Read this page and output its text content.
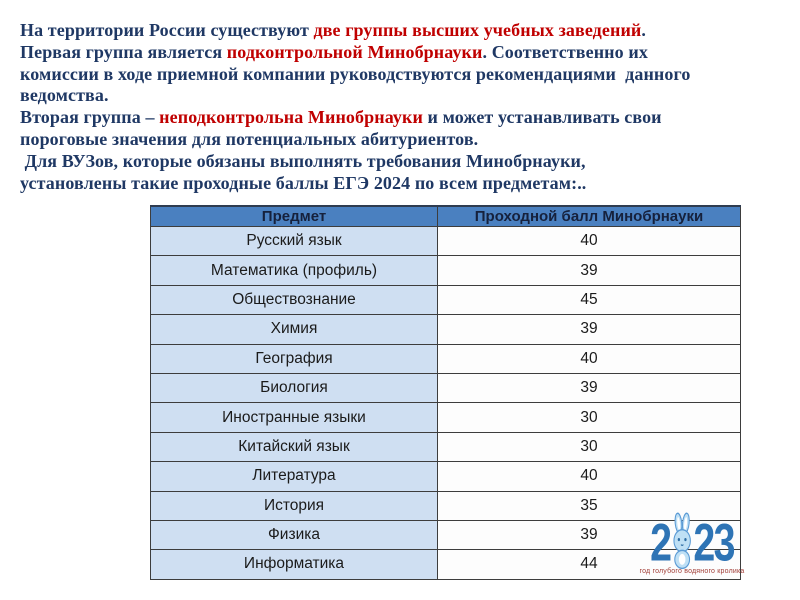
На территории России существуют две группы высших учебных заведений.
Первая группа является подконтрольной Минобрнауки. Соответственно их
комиссии в ходе приемной компании руководствуются рекомендациями  данного
ведомства.
Вторая группа – неподконтрольна Минобрнауки и может устанавливать свои
пороговые значения для потенциальных абитуриентов.
Для ВУЗов, которые обязаны выполнять требования Минобрнауки,
установлены такие проходные баллы ЕГЭ 2024 по всем предметам:..
Предмет	Проходной балл Минобрнауки
Русский язык	40
Математика (профиль)	39
Обществознание	45
Химия	39
География	40
Биология	39
Иностранные языки	30
Китайский язык	30
Литература	40
История	35
Физика	39
Информатика	44 2 23
год голубого водяного кролика
